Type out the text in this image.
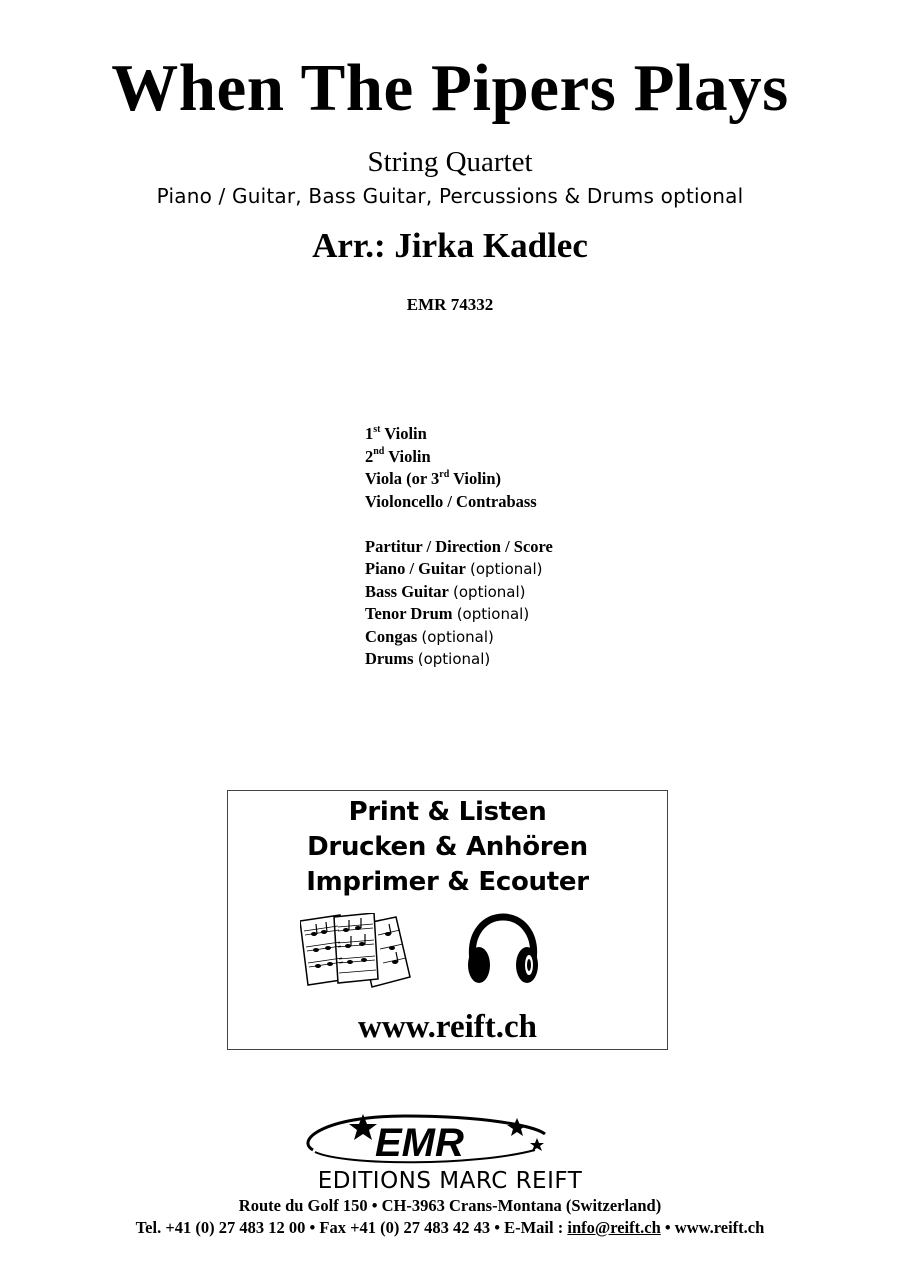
When The Pipers Plays
String Quartet
Piano / Guitar, Bass Guitar, Percussions & Drums optional
Arr.: Jirka Kadlec
EMR 74332
1st Violin
2nd Violin
Viola (or 3rd Violin)
Violoncello / Contrabass
Partitur / Direction / Score
Piano / Guitar (optional)
Bass Guitar (optional)
Tenor Drum (optional)
Congas (optional)
Drums (optional)
Print & Listen
Drucken & Anhören
Imprimer & Ecouter
www.reift.ch
EMR
EDITIONS MARC REIFT
Route du Golf 150 • CH-3963 Crans-Montana (Switzerland)
Tel. +41 (0) 27 483 12 00 • Fax +41 (0) 27 483 42 43 • E-Mail : info@reift.ch • www.reift.ch
